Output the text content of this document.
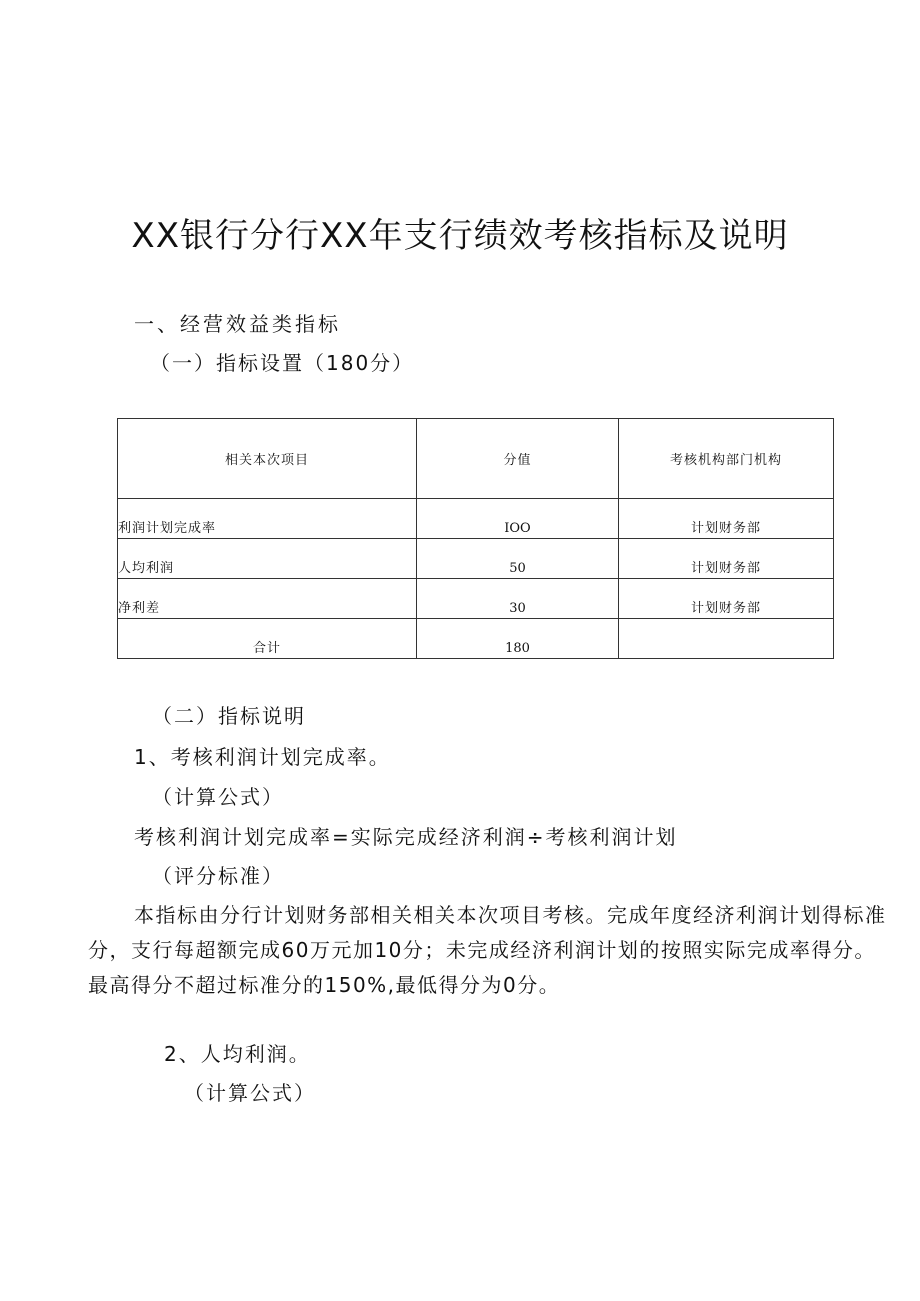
XX银行分行XX年支行绩效考核指标及说明
一、经营效益类指标
（一）指标设置（180分）
相关本次项目	分值	考核机构部门机构
利润计划完成率	IOO	计划财务部
人均利润	50	计划财务部
净利差	30	计划财务部
合计	180	
（二）指标说明
1、考核利润计划完成率。
（计算公式）
考核利润计划完成率=实际完成经济利润÷考核利润计划
（评分标准）
本指标由分行计划财务部相关相关本次项目考核。完成年度经济利润计划得标准分，支行每超额完成60万元加10分；未完成经济利润计划的按照实际完成率得分。最高得分不超过标准分的150%,最低得分为0分。
2、人均利润。
（计算公式）
